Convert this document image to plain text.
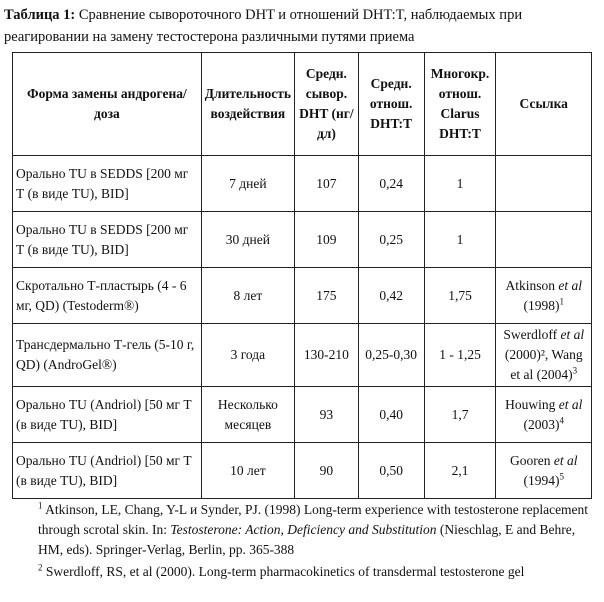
Таблица 1: Сравнение сывороточного DHT и отношений DHT:T, наблюдаемых при реагировании на замену тестостерона различными путями приема
Форма замены андрогена/доза	Длительность воздействия	Средн. сывор. DHT (нг/дл)	Средн. отнош. DHT:T	Многокр. отнош. Clarus DHT:T	Ссылка
Орально TU в SEDDS [200 мг Т (в виде TU), BID]	7 дней	107	0,24	1	
Орально TU в SEDDS [200 мг Т (в виде TU), BID]	30 дней	109	0,25	1	
Скротально Т-пластырь (4 - 6 мг, QD) (Testoderm®)	8 лет	175	0,42	1,75	Atkinson et al $(1998)^1$
Трансдермально Т-гель (5-10 г, QD) (AndroGel®)	3 года	130-210	0,25-0,30	1 - 1,25	Swerdloff et al (2000)², Wang et al $(2004)^3$
Орально TU (Andriol) [50 мг Т (в виде TU), BID]	Несколько месяцев	93	0,40	1,7	Houwing et al $(2003)^4$
Орально TU (Andriol) [50 мг Т (в виде TU), BID]	10 лет	90	0,50	2,1	Gooren et al $(1994)^5$
$^1$ Atkinson, LE, Chang, Y-L и Synder, PJ. (1998) Long-term experience with testosterone replacement through scrotal skin. In: Testosterone: Action, Deficiency and Substitution (Nieschlag, E and Behre, HM, eds). Springer-Verlag, Berlin, pp. 365-388
$^2$ Swerdloff, RS, et al (2000). Long-term pharmacokinetics of transdermal testosterone gel
